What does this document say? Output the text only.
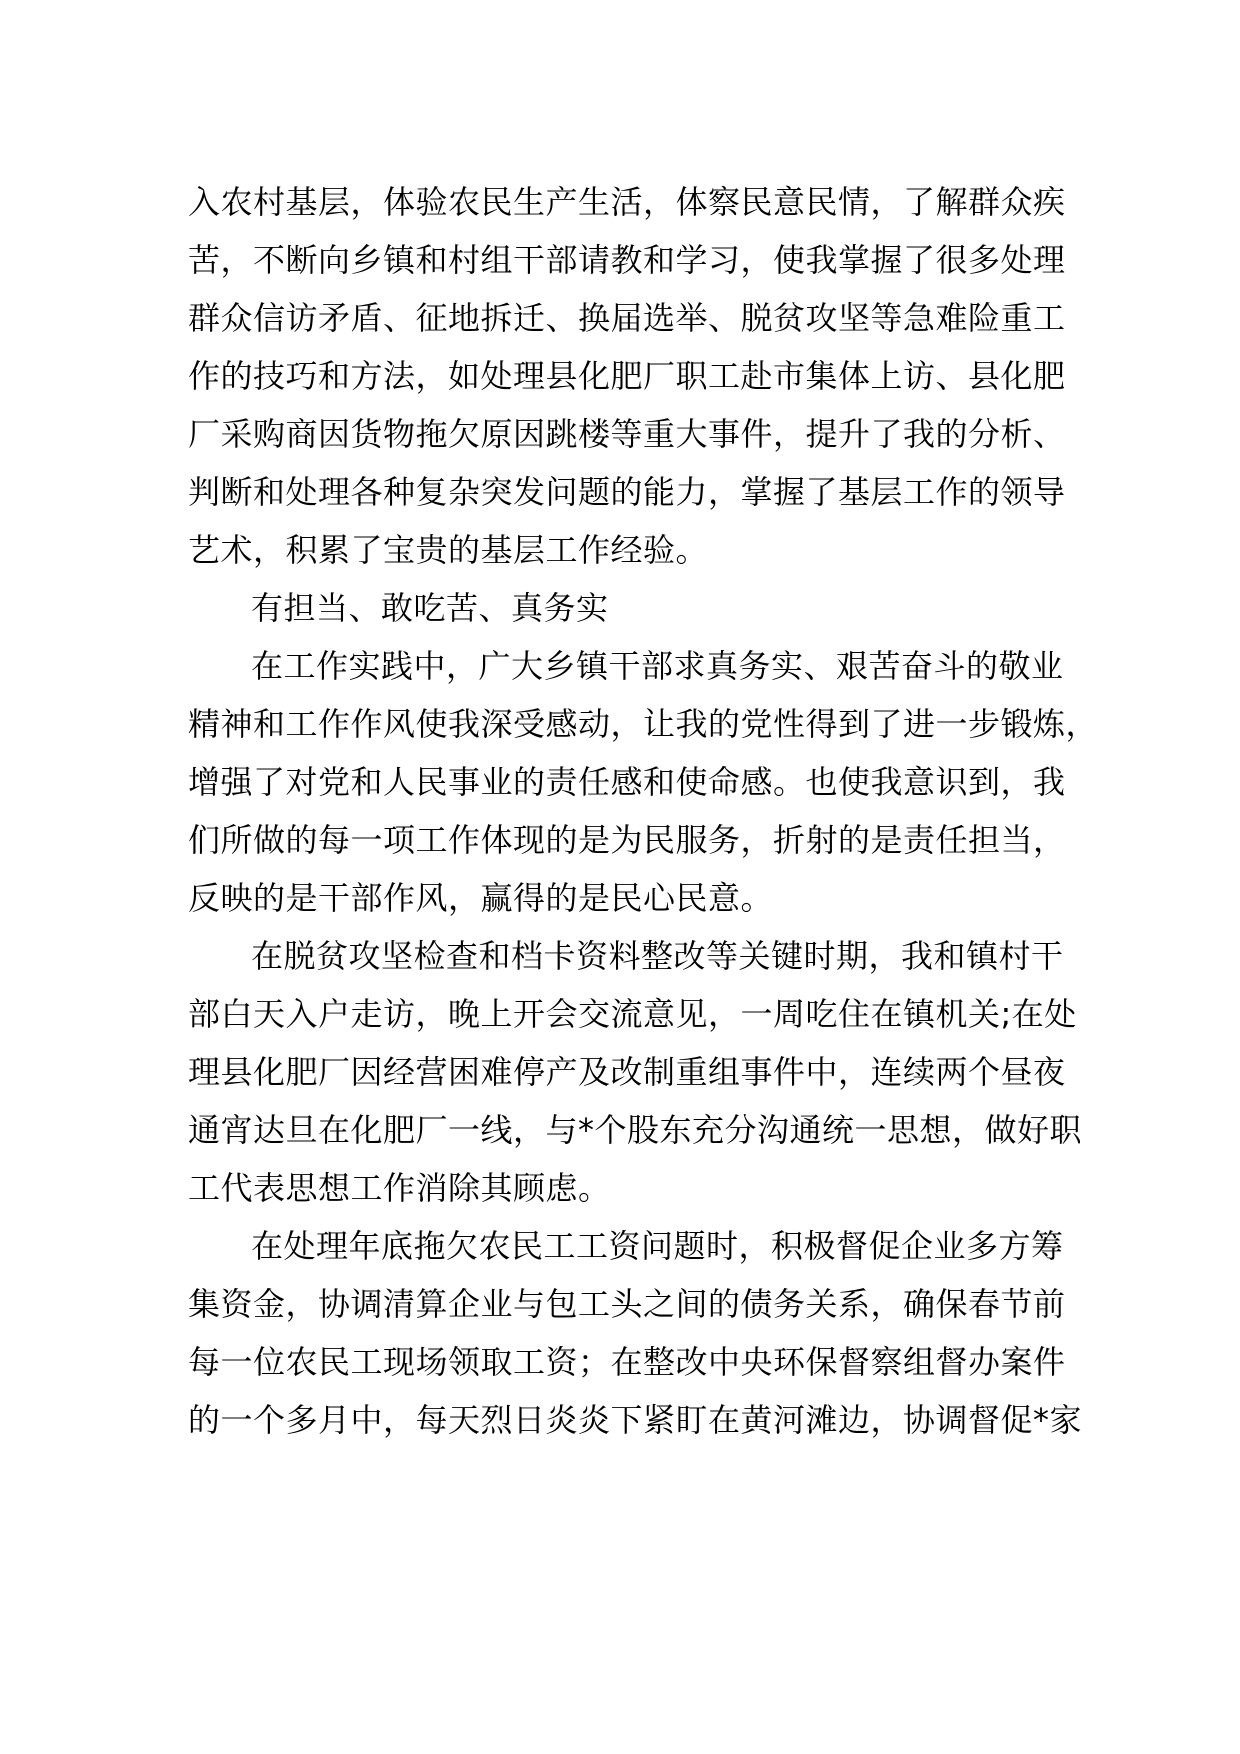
入农村基层，体验农民生产生活，体察民意民情，了解群众疾

苦，不断向乡镇和村组干部请教和学习，使我掌握了很多处理

群众信访矛盾、征地拆迁、换届选举、脱贫攻坚等急难险重工

作的技巧和方法，如处理县化肥厂职工赴市集体上访、县化肥

厂采购商因货物拖欠原因跳楼等重大事件，提升了我的分析、

判断和处理各种复杂突发问题的能力，掌握了基层工作的领导

艺术，积累了宝贵的基层工作经验。

有担当、敢吃苦、真务实

在工作实践中，广大乡镇干部求真务实、艰苦奋斗的敬业

精神和工作作风使我深受感动，让我的党性得到了进一步锻炼，

增强了对党和人民事业的责任感和使命感。也使我意识到，我

们所做的每一项工作体现的是为民服务，折射的是责任担当，

反映的是干部作风，赢得的是民心民意。

在脱贫攻坚检查和档卡资料整改等关键时期，我和镇村干

部白天入户走访，晚上开会交流意见，一周吃住在镇机关;在处

理县化肥厂因经营困难停产及改制重组事件中，连续两个昼夜

通宵达旦在化肥厂一线，与*个股东充分沟通统一思想，做好职

工代表思想工作消除其顾虑。

在处理年底拖欠农民工工资问题时，积极督促企业多方筹

集资金，协调清算企业与包工头之间的债务关系，确保春节前

每一位农民工现场领取工资；在整改中央环保督察组督办案件

的一个多月中，每天烈日炎炎下紧盯在黄河滩边，协调督促*家
